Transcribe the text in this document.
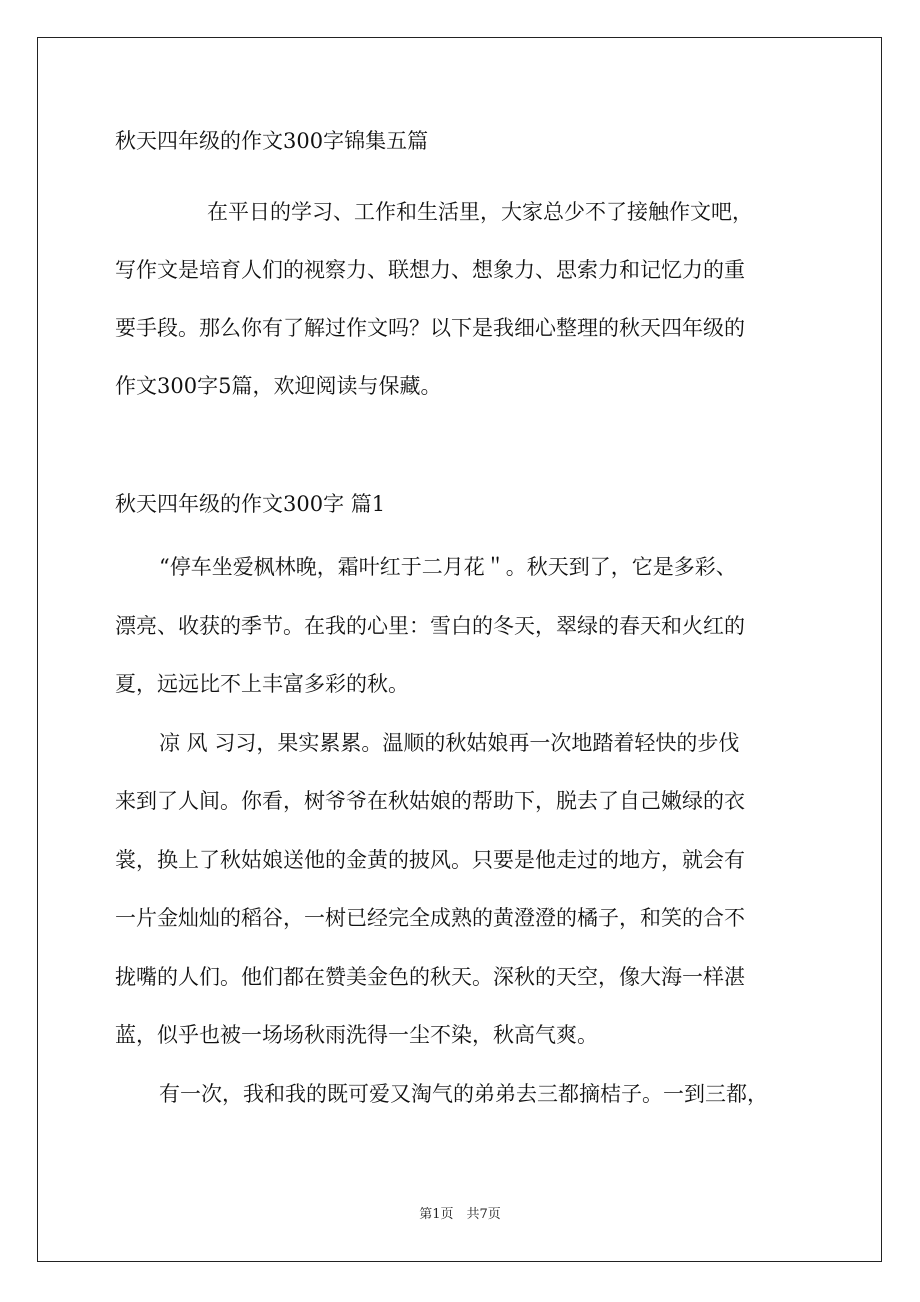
秋天四年级的作文300字锦集五篇
在平日的学习、工作和生活里，大家总少不了接触作文吧，
写作文是培育人们的视察力、联想力、想象力、思索力和记忆力的重
要手段。那么你有了解过作文吗？以下是我细心整理的秋天四年级的
作文300字5篇，欢迎阅读与保藏。
秋天四年级的作文300字 篇1
“停车坐爱枫林晚，霜叶红于二月花＂。秋天到了，它是多彩、
漂亮、收获的季节。在我的心里：雪白的冬天，翠绿的春天和火红的
夏，远远比不上丰富多彩的秋。
凉 风 习习，果实累累。温顺的秋姑娘再一次地踏着轻快的步伐
来到了人间。你看，树爷爷在秋姑娘的帮助下，脱去了自己嫩绿的衣
裳，换上了秋姑娘送他的金黄的披风。只要是他走过的地方，就会有
一片金灿灿的稻谷，一树已经完全成熟的黄澄澄的橘子，和笑的合不
拢嘴的人们。他们都在赞美金色的秋天。深秋的天空，像大海一样湛
蓝，似乎也被一场场秋雨洗得一尘不染，秋高气爽。
有一次，我和我的既可爱又淘气的弟弟去三都摘桔子。一到三都，
第1页　共7页
